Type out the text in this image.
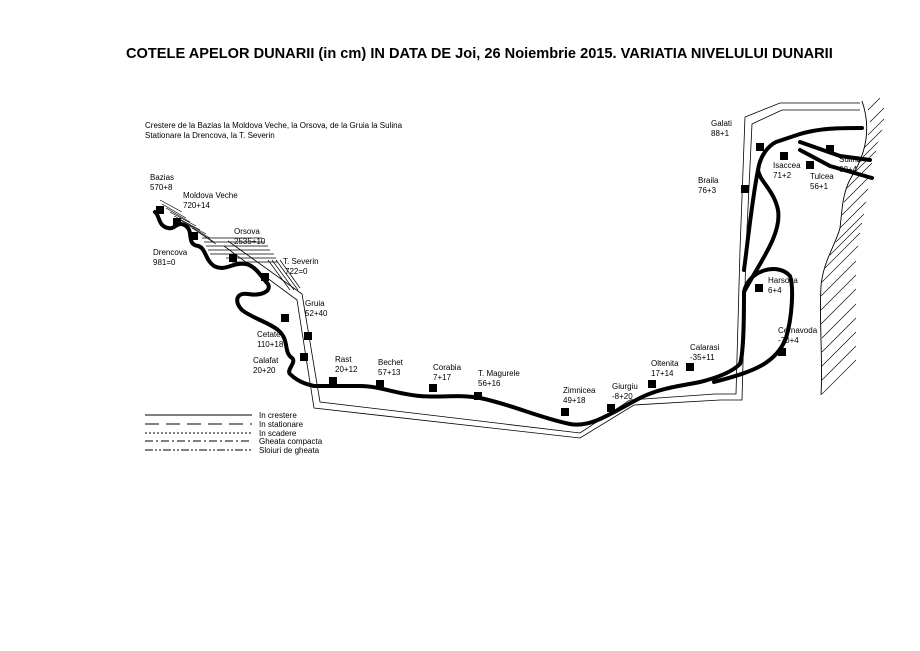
COTELE APELOR DUNARII (in cm) IN DATA DE Joi, 26 Noiembrie 2015. VARIATIA NIVELULUI DUNARII
Crestere de la Bazias la Moldova Veche, la Orsova, de la Gruia la Sulina
Stationare la Drencova, la T. Severin
Bazias
570+8
Moldova Veche
720+14
Drencova
981=0
Orsova
2535+10
T. Severin
722=0
Gruia
52+40
Cetate
110+18
Calafat
20+20
Rast
20+12
Bechet
57+13
Corabia
7+17	T. Magurele
56+16
Zimnicea
49+18
Giurgiu
-8+20
Oltenita
17+14
Calarasi
-35+11
Cernavoda
-70+4
Harsova
6+4
Braila
76+3
Galati
88+1
Isaccea
71+2 Tulcea
56+1
Sulina
60+4
In crestere
In stationare
In scadere
Gheata compacta
Sloiuri de gheata
